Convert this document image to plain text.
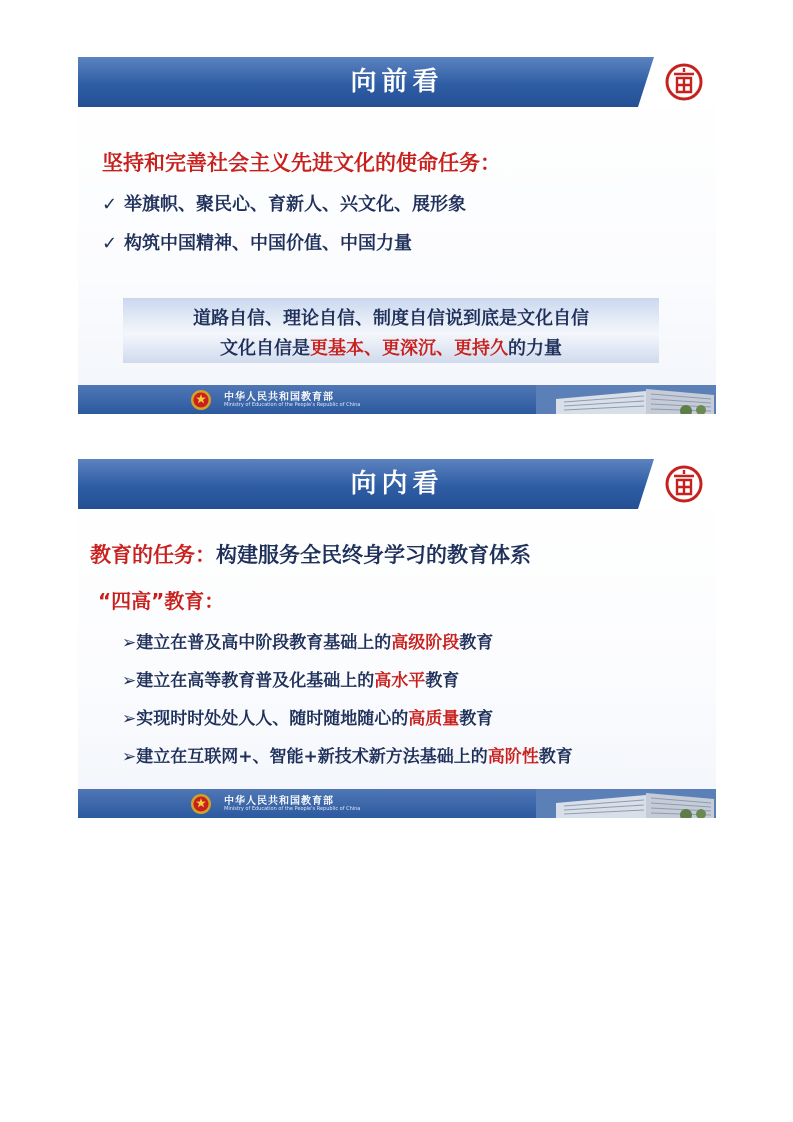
向前看
坚持和完善社会主义先进文化的使命任务：
✓ 举旗帜、聚民心、育新人、兴文化、展形象
✓ 构筑中国精神、中国价值、中国力量
道路自信、理论自信、制度自信说到底是文化自信
文化自信是更基本、更深沉、更持久的力量
中华人民共和国教育部
Ministry of Education of the People's Republic of China
向内看
教育的任务：构建服务全民终身学习的教育体系
“四高”教育：
➢建立在普及高中阶段教育基础上的高级阶段教育
➢建立在高等教育普及化基础上的高水平教育
➢实现时时处处人人、随时随地随心的高质量教育
➢建立在互联网+、智能+新技术新方法基础上的高阶性教育
中华人民共和国教育部
Ministry of Education of the People's Republic of China
